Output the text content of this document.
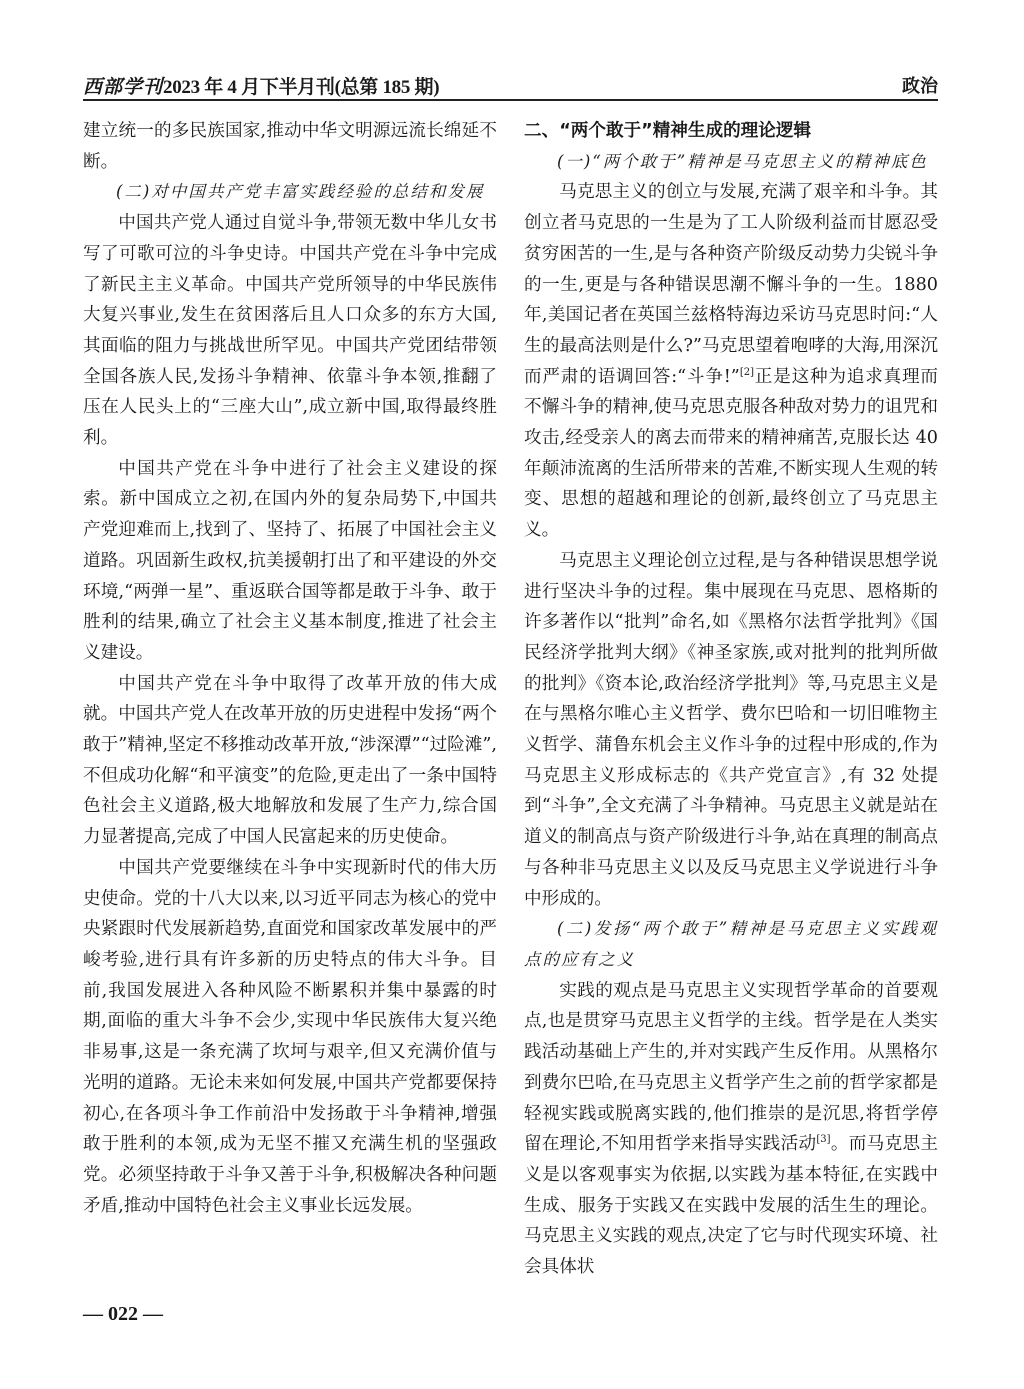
西部学刊2023 年 4 月下半月刊(总第 185 期)	政治

建立统一的多民族国家,推动中华文明源远流长绵延不断。

(二)对中国共产党丰富实践经验的总结和发展

中国共产党人通过自觉斗争,带领无数中华儿女书写了可歌可泣的斗争史诗。中国共产党在斗争中完成了新民主主义革命。中国共产党所领导的中华民族伟大复兴事业,发生在贫困落后且人口众多的东方大国,其面临的阻力与挑战世所罕见。中国共产党团结带领全国各族人民,发扬斗争精神、依靠斗争本领,推翻了压在人民头上的“三座大山”,成立新中国,取得最终胜利。

中国共产党在斗争中进行了社会主义建设的探索。新中国成立之初,在国内外的复杂局势下,中国共产党迎难而上,找到了、坚持了、拓展了中国社会主义道路。巩固新生政权,抗美援朝打出了和平建设的外交环境,“两弹一星”、重返联合国等都是敢于斗争、敢于胜利的结果,确立了社会主义基本制度,推进了社会主义建设。

中国共产党在斗争中取得了改革开放的伟大成就。中国共产党人在改革开放的历史进程中发扬“两个敢于”精神,坚定不移推动改革开放,“涉深潭”“过险滩”,不但成功化解“和平演变”的危险,更走出了一条中国特色社会主义道路,极大地解放和发展了生产力,综合国力显著提高,完成了中国人民富起来的历史使命。

中国共产党要继续在斗争中实现新时代的伟大历史使命。党的十八大以来,以习近平同志为核心的党中央紧跟时代发展新趋势,直面党和国家改革发展中的严峻考验,进行具有许多新的历史特点的伟大斗争。目前,我国发展进入各种风险不断累积并集中暴露的时期,面临的重大斗争不会少,实现中华民族伟大复兴绝非易事,这是一条充满了坎坷与艰辛,但又充满价值与光明的道路。无论未来如何发展,中国共产党都要保持初心,在各项斗争工作前沿中发扬敢于斗争精神,增强敢于胜利的本领,成为无坚不摧又充满生机的坚强政党。必须坚持敢于斗争又善于斗争,积极解决各种问题矛盾,推动中国特色社会主义事业长远发展。

二、“两个敢于”精神生成的理论逻辑
(一)“两个敢于”精神是马克思主义的精神底色

马克思主义的创立与发展,充满了艰辛和斗争。其创立者马克思的一生是为了工人阶级利益而甘愿忍受贫穷困苦的一生,是与各种资产阶级反动势力尖锐斗争的一生,更是与各种错误思潮不懈斗争的一生。1880 年,美国记者在英国兰兹格特海边采访马克思时问:“人生的最高法则是什么?”马克思望着咆哮的大海,用深沉而严肃的语调回答:“斗争!”[2]正是这种为追求真理而不懈斗争的精神,使马克思克服各种敌对势力的诅咒和攻击,经受亲人的离去而带来的精神痛苦,克服长达 40 年颠沛流离的生活所带来的苦难,不断实现人生观的转变、思想的超越和理论的创新,最终创立了马克思主义。

马克思主义理论创立过程,是与各种错误思想学说进行坚决斗争的过程。集中展现在马克思、恩格斯的许多著作以“批判”命名,如《黑格尔法哲学批判》《国民经济学批判大纲》《神圣家族,或对批判的批判所做的批判》《资本论,政治经济学批判》等,马克思主义是在与黑格尔唯心主义哲学、费尔巴哈和一切旧唯物主义哲学、蒲鲁东机会主义作斗争的过程中形成的,作为马克思主义形成标志的《共产党宣言》,有 32 处提到“斗争”,全文充满了斗争精神。马克思主义就是站在道义的制高点与资产阶级进行斗争,站在真理的制高点与各种非马克思主义以及反马克思主义学说进行斗争中形成的。

(二)发扬“两个敢于”精神是马克思主义实践观点的应有之义

实践的观点是马克思主义实现哲学革命的首要观点,也是贯穿马克思主义哲学的主线。哲学是在人类实践活动基础上产生的,并对实践产生反作用。从黑格尔到费尔巴哈,在马克思主义哲学产生之前的哲学家都是轻视实践或脱离实践的,他们推崇的是沉思,将哲学停留在理论,不知用哲学来指导实践活动[3]。而马克思主义是以客观事实为依据,以实践为基本特征,在实践中生成、服务于实践又在实践中发展的活生生的理论。马克思主义实践的观点,决定了它与时代现实环境、社会具体状

— 022 —
